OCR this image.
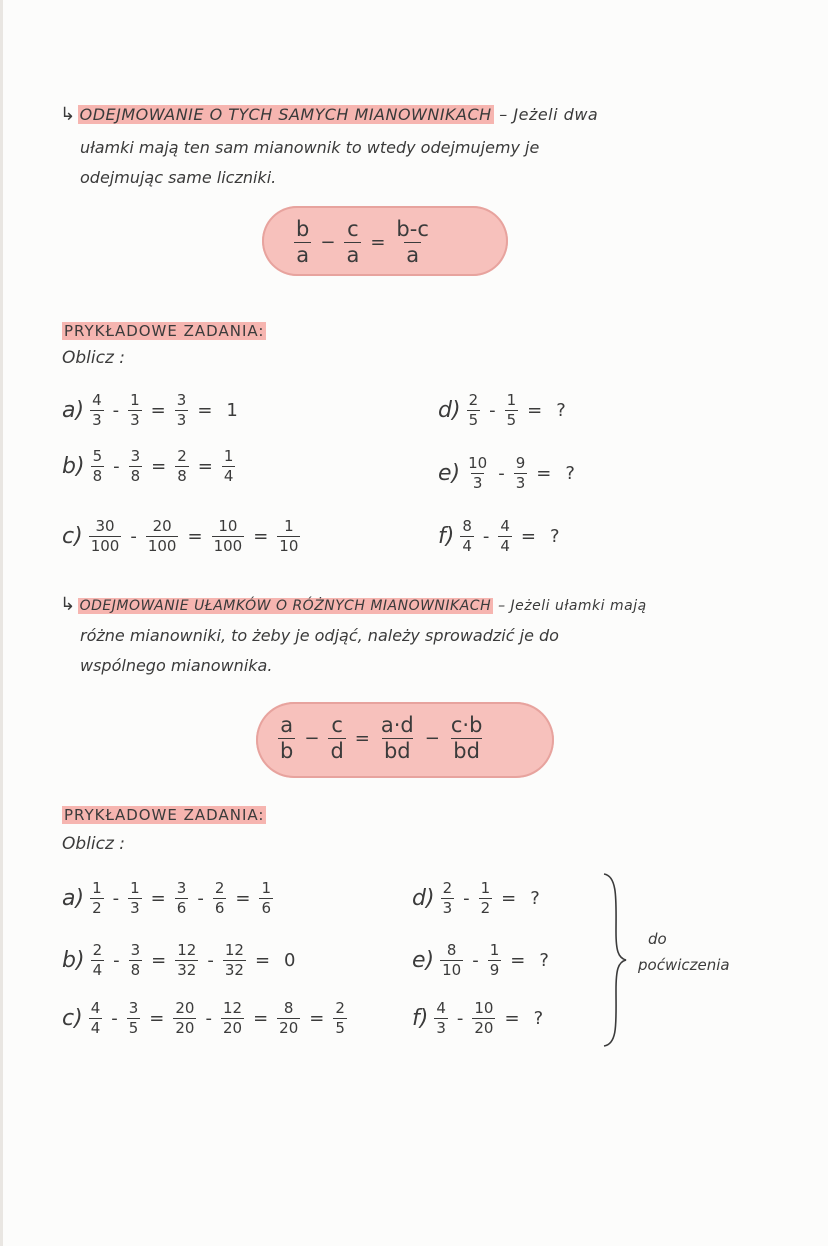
↳ ODEJMOWANIE O TYCH SAMYCH MIANOWNIKACH – Jeżeli dwa
ułamki mają ten sam mianownik to wtedy odejmujemy je
odejmując same liczniki.
$\frac{b}{a} - \frac{c}{a} = \frac{b-c}{a}$
PRYKŁADOWE ZADANIA:
Oblicz :
$a) \frac{4}{3} - \frac{1}{3} = \frac{3}{3} = 1$
$b) \frac{5}{8} - \frac{3}{8} = \frac{2}{8} = \frac{1}{4}$
$c) \frac{30}{100} - \frac{20}{100} = \frac{10}{100} = \frac{1}{10}$
$d) \frac{2}{5} - \frac{1}{5}$ = ?
$e) \frac{10}{3} - \frac{9}{3}$ = ?
$f) \frac{8}{4} - \frac{4}{4}$ = ?
↳ ODEJMOWANIE UŁAMKÓW O RÓŻNYCH MIANOWNIKACH – Jeżeli ułamki mają
różne mianowniki, to żeby je odjąć, należy sprowadzić je do
wspólnego mianownika.
$\frac{a}{b} - \frac{c}{d} = \frac{a\cdot d}{bd} - \frac{c\cdot b}{bd}$
PRYKŁADOWE ZADANIA:
Oblicz :
$a) \frac{1}{2} - \frac{1}{3} = \frac{3}{6} - \frac{2}{6} = \frac{1}{6}$
$b) \frac{2}{4} - \frac{3}{8} = \frac{12}{32} - \frac{12}{32} = 0$
$c) \frac{4}{4} - \frac{3}{5} = \frac{20}{20} - \frac{12}{20} = \frac{8}{20} = \frac{2}{5}$
$d) \frac{2}{3} - \frac{1}{2}$ = ?
$e) \frac{8}{10} - \frac{1}{9}$ = ?
$f) \frac{4}{3} - \frac{10}{20}$ = ?
do
poćwiczenia
